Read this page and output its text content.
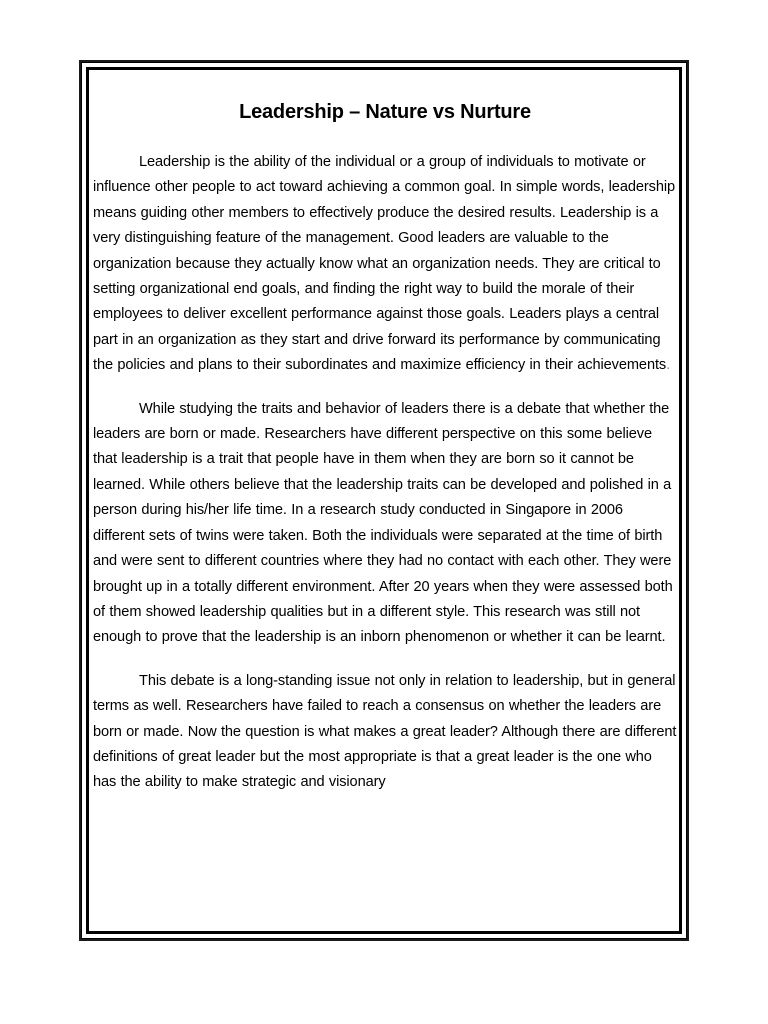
Leadership – Nature vs Nurture

Leadership is the ability of the individual or a group of individuals to motivate or influence other people to act toward achieving a common goal. In simple words, leadership means guiding other members to effectively produce the desired results. Leadership is a very distinguishing feature of the management. Good leaders are valuable to the organization because they actually know what an organization needs. They are critical to setting organizational end goals, and finding the right way to build the morale of their employees to deliver excellent performance against those goals. Leaders plays a central part in an organization as they start and drive forward its performance by communicating the policies and plans to their subordinates and maximize efficiency in their achievements.

While studying the traits and behavior of leaders there is a debate that whether the leaders are born or made. Researchers have different perspective on this some believe that leadership is a trait that people have in them when they are born so it cannot be learned. While others believe that the leadership traits can be developed and polished in a person during his/her life time. In a research study conducted in Singapore in 2006 different sets of twins were taken. Both the individuals were separated at the time of birth and were sent to different countries where they had no contact with each other. They were brought up in a totally different environment. After 20 years when they were assessed both of them showed leadership qualities but in a different style. This research was still not enough to prove that the leadership is an inborn phenomenon or whether it can be learnt.

This debate is a long-standing issue not only in relation to leadership, but in general terms as well. Researchers have failed to reach a consensus on whether the leaders are born or made. Now the question is what makes a great leader? Although there are different definitions of great leader but the most appropriate is that a great leader is the one who has the ability to make strategic and visionary
